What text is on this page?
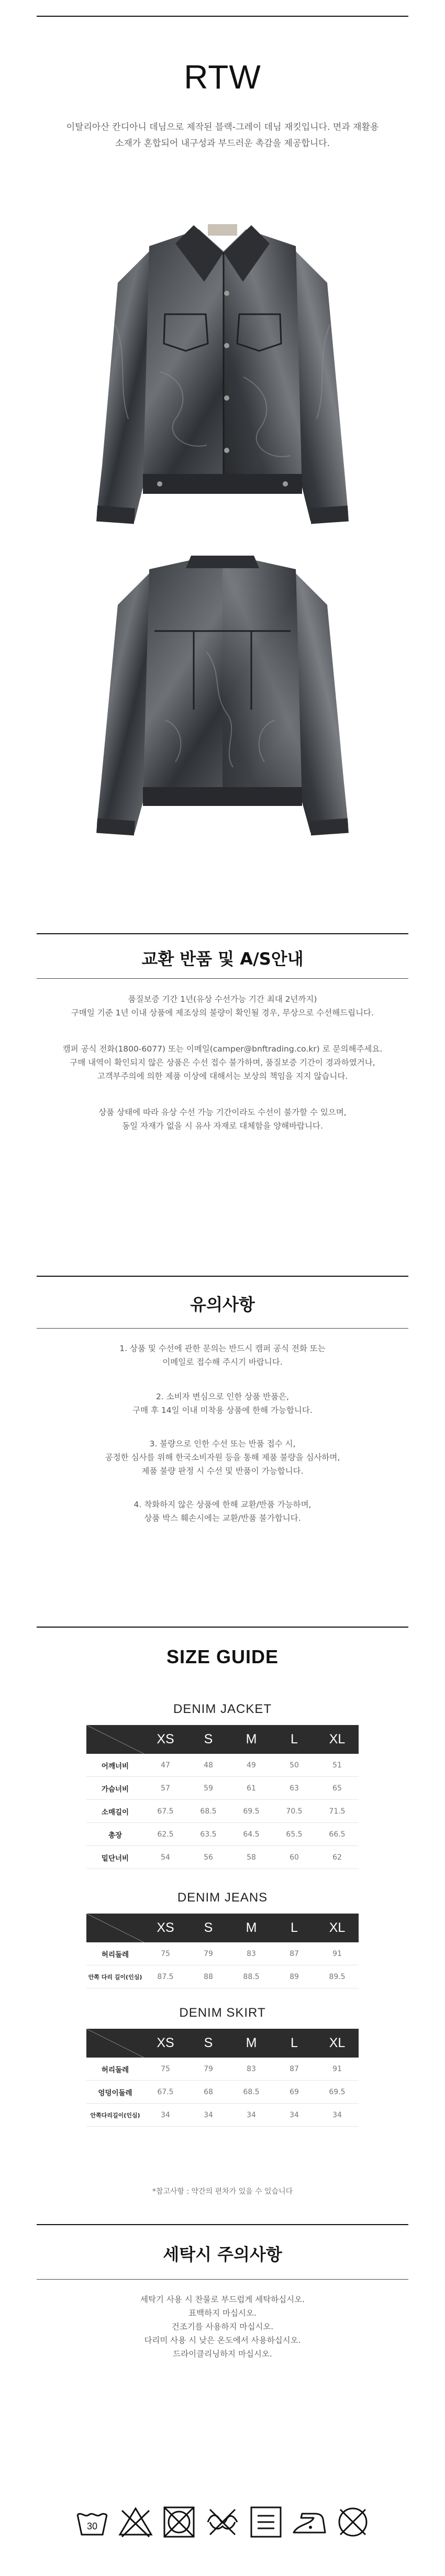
RTW
이탈리아산 칸디아니 데님으로 제작된 블랙-그레이 데님 재킷입니다. 면과 재활용
소재가 혼합되어 내구성과 부드러운 촉감을 제공합니다.
교환 반품 및 A/S안내

품질보증 기간 1년(유상 수선가능 기간 최대 2년까지)

구매일 기준 1년 이내 상품에 제조상의 불량이 확인될 경우, 무상으로 수선해드립니다.

캠퍼 공식 전화(1800-6077) 또는 이메일(camper@bnftrading.co.kr) 로 문의해주세요.

구매 내역이 확인되지 않은 상품은 수선 접수 불가하며, 품질보증 기간이 경과하였거나,

고객부주의에 의한 제품 이상에 대해서는 보상의 책임을 지지 않습니다.

상품 상태에 따라 유상 수선 가능 기간이라도 수선이 불가할 수 있으며,

동일 자재가 없을 시 유사 자재로 대체함을 양해바랍니다.

유의사항

1. 상품 및 수선에 관한 문의는 반드시 캠퍼 공식 전화 또는

이메일로 접수해 주시기 바랍니다.

2. 소비자 변심으로 인한 상품 반품은,

구매 후 14일 이내 미착용 상품에 한해 가능합니다.

3. 불량으로 인한 수선 또는 반품 접수 시,

공정한 심사를 위해 한국소비자원 등을 통해 제품 불량을 심사하며,

제품 불량 판정 시 수선 및 반품이 가능합니다.

4. 착화하지 않은 상품에 한해 교환/반품 가능하며,

상품 박스 훼손시에는 교환/반품 불가합니다.

SIZE GUIDE
DENIM JACKET
	XS	S	M	L	XL
어깨너비	47	48	49	50	51
가슴너비	57	59	61	63	65
소매길이	67.5	68.5	69.5	70.5	71.5
총장	62.5	63.5	64.5	65.5	66.5
밑단너비	54	56	58	60	62
DENIM JEANS
	XS	S	M	L	XL
허리둘레	75	79	83	87	91
안쪽 다리 길이(인심)	87.5	88	88.5	89	89.5
DENIM SKIRT
	XS	S	M	L	XL
허리둘레	75	79	83	87	91
엉덩이둘레	67.5	68	68.5	69	69.5
안쪽다리길이(인심)	34	34	34	34	34
*참고사항 : 약간의 편차가 있을 수 있습니다
세탁시 주의사항

세탁기 사용 시 찬물로 부드럽게 세탁하십시오.

표백하지 마십시오.

건조기를 사용하지 마십시오.

다리미 사용 시 낮은 온도에서 사용하십시오.

드라이클리닝하지 마십시오.

30
